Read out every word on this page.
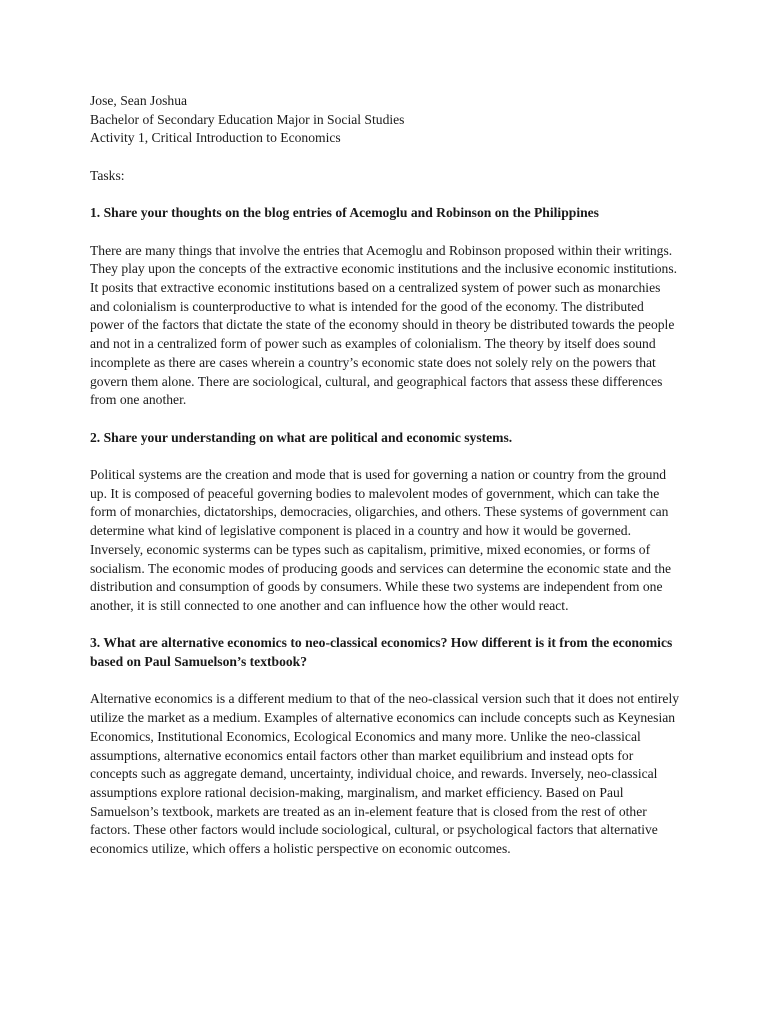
Jose, Sean Joshua

Bachelor of Secondary Education Major in Social Studies

Activity 1, Critical Introduction to Economics

Tasks:

1. Share your thoughts on the blog entries of Acemoglu and Robinson on the Philippines

There are many things that involve the entries that Acemoglu and Robinson proposed within their writings. They play upon the concepts of the extractive economic institutions and the inclusive economic institutions. It posits that extractive economic institutions based on a centralized system of power such as monarchies and colonialism is counterproductive to what is intended for the good of the economy. The distributed power of the factors that dictate the state of the economy should in theory be distributed towards the people and not in a centralized form of power such as examples of colonialism. The theory by itself does sound incomplete as there are cases wherein a country’s economic state does not solely rely on the powers that govern them alone. There are sociological, cultural, and geographical factors that assess these differences from one another.

2. Share your understanding on what are political and economic systems.

Political systems are the creation and mode that is used for governing a nation or country from the ground up. It is composed of peaceful governing bodies to malevolent modes of government, which can take the form of monarchies, dictatorships, democracies, oligarchies, and others. These systems of government can determine what kind of legislative component is placed in a country and how it would be governed. Inversely, economic systerms can be types such as capitalism, primitive, mixed economies, or forms of socialism. The economic modes of producing goods and services can determine the economic state and the distribution and consumption of goods by consumers. While these two systems are independent from one another, it is still connected to one another and can influence how the other would react.

3. What are alternative economics to neo-classical economics? How different is it from the economics based on Paul Samuelson’s textbook?

Alternative economics is a different medium to that of the neo-classical version such that it does not entirely utilize the market as a medium. Examples of alternative economics can include concepts such as Keynesian Economics, Institutional Economics, Ecological Economics and many more. Unlike the neo-classical assumptions, alternative economics entail factors other than market equilibrium and instead opts for concepts such as aggregate demand, uncertainty, individual choice, and rewards. Inversely, neo-classical assumptions explore rational decision-making, marginalism, and market efficiency. Based on Paul Samuelson’s textbook, markets are treated as an in-element feature that is closed from the rest of other factors. These other factors would include sociological, cultural, or psychological factors that alternative economics utilize, which offers a holistic perspective on economic outcomes.
